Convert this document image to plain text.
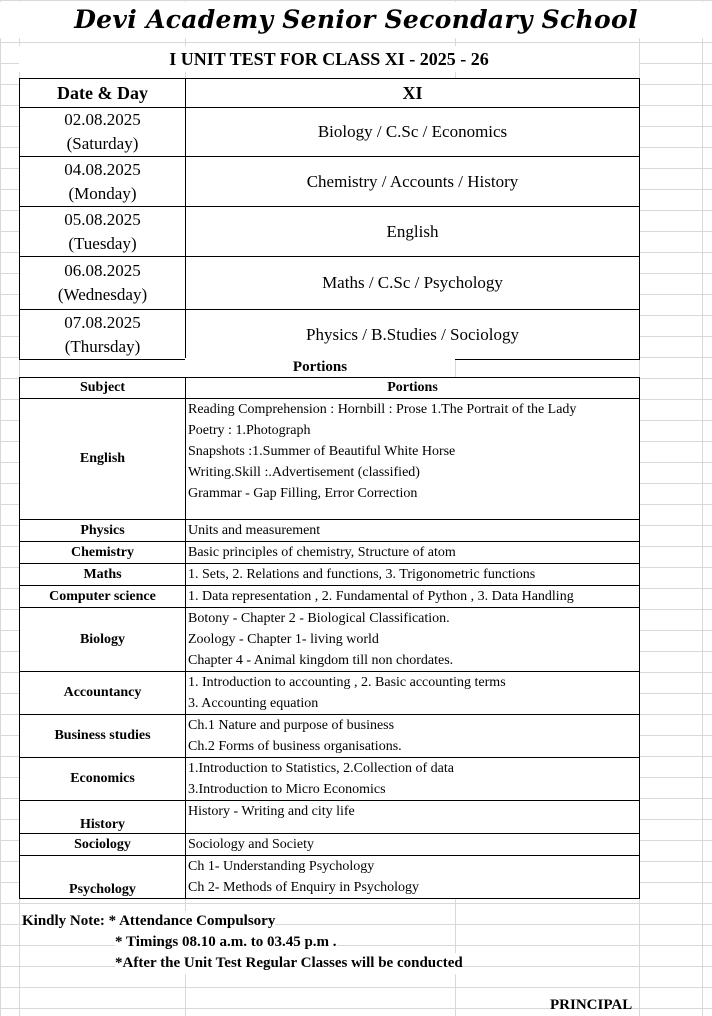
Devi Academy Senior Secondary School
I UNIT TEST FOR CLASS XI - 2025 - 26
Date & Day	XI

02.08.2025
(Saturday)	Biology / C.Sc / Economics

04.08.2025
(Monday)	Chemistry / Accounts / History

05.08.2025
(Tuesday)	English

06.08.2025
(Wednesday)	Maths / C.Sc / Psychology

07.08.2025
(Thursday)	Physics / B.Studies / Sociology
Portions
Subject	Portions
English	Reading Comprehension : Hornbill : Prose 1.The Portrait of the Lady
Poetry : 1.Photograph
Snapshots :1.Summer of Beautiful White Horse
Writing.Skill :.Advertisement (classified)
Grammar - Gap Filling, Error Correction

Physics	Units and measurement

Chemistry	Basic principles of chemistry, Structure of atom

Maths	1. Sets, 2. Relations and functions, 3. Trigonometric functions

Computer science	1. Data representation , 2. Fundamental of Python , 3. Data Handling

Biology	Botony - Chapter 2 - Biological Classification.
Zoology - Chapter 1- living world
Chapter 4 - Animal kingdom till non chordates.

Accountancy	1. Introduction to accounting , 2. Basic accounting terms
3. Accounting equation

Business studies	Ch.1 Nature and purpose of business
Ch.2 Forms of business organisations.

Economics	1.Introduction to Statistics, 2.Collection of data
3.Introduction to Micro Economics

History	History - Writing and city life

Sociology	Sociology and Society

Psychology	Ch 1- Understanding Psychology
Ch 2- Methods of Enquiry in Psychology
Kindly Note: * Attendance Compulsory
* Timings 08.10 a.m. to 03.45 p.m .
*After the Unit Test Regular Classes will be conducted
PRINCIPAL
